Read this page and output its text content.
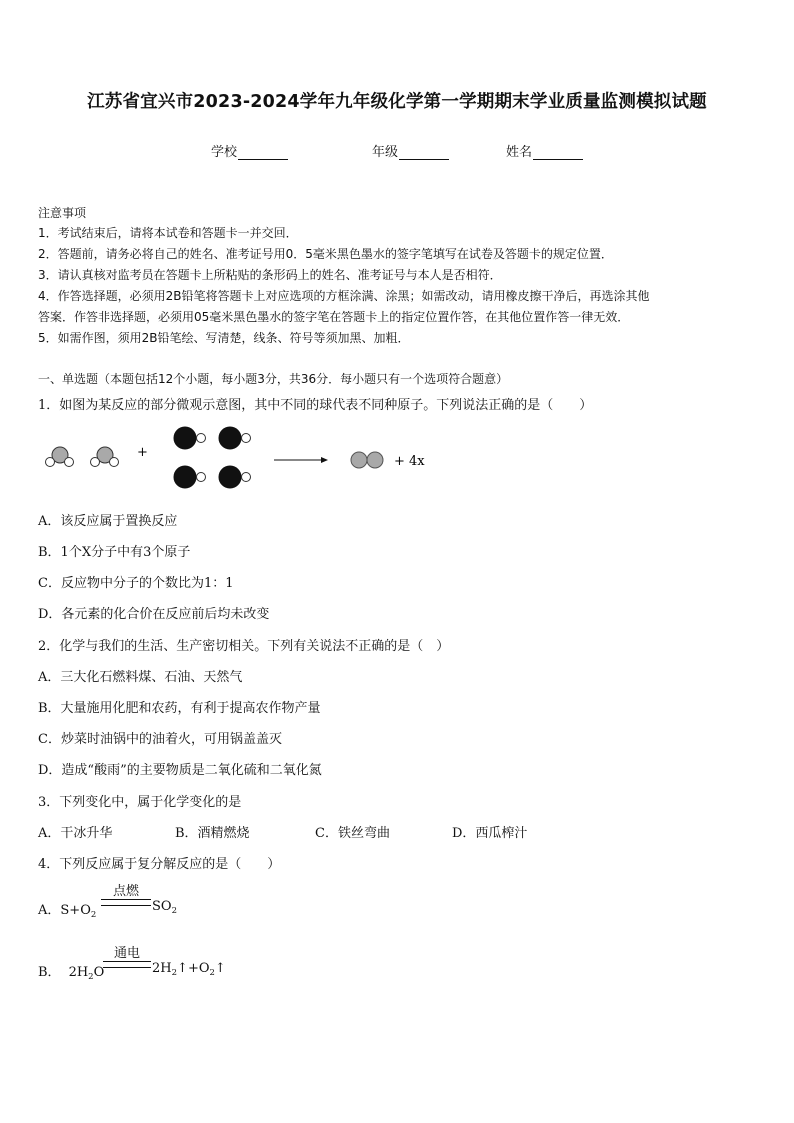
江苏省宜兴市2023-2024学年九年级化学第一学期期末学业质量监测模拟试题
学校	年级	姓名
注意事项
1．考试结束后，请将本试卷和答题卡一并交回．
2．答题前，请务必将自己的姓名、准考证号用0．5毫米黑色墨水的签字笔填写在试卷及答题卡的规定位置．
3．请认真核对监考员在答题卡上所粘贴的条形码上的姓名、准考证号与本人是否相符．
4．作答选择题，必须用2B铅笔将答题卡上对应选项的方框涂满、涂黑；如需改动，请用橡皮擦干净后，再选涂其他
答案．作答非选择题，必须用05毫米黑色墨水的签字笔在答题卡上的指定位置作答，在其他位置作答一律无效．
5．如需作图，须用2B铅笔绘、写清楚，线条、符号等须加黑、加粗．
一、单选题（本题包括12个小题，每小题3分，共36分．每小题只有一个选项符合题意）
1．如图为某反应的部分微观示意图，其中不同的球代表不同种原子。下列说法正确的是（　　）
+
+ 4x
A．该反应属于置换反应
B．1个X分子中有3个原子
C．反应物中分子的个数比为1：1
D．各元素的化合价在反应前后均未改变
2．化学与我们的生活、生产密切相关。下列有关说法不正确的是（　）
A．三大化石燃料煤、石油、天然气
B．大量施用化肥和农药，有利于提高农作物产量
C．炒菜时油锅中的油着火，可用锅盖盖灭
D．造成“酸雨”的主要物质是二氧化硫和二氧化氮
3．下列变化中，属于化学变化的是
A．干冰升华	B．酒精燃烧	C．铁丝弯曲	D．西瓜榨汁
4．下列反应属于复分解反应的是（　　）
A．$S+O_2$
点燃
$SO_2$
B． $2H_2O$
通电
$2H_2↑+O_2↑$
